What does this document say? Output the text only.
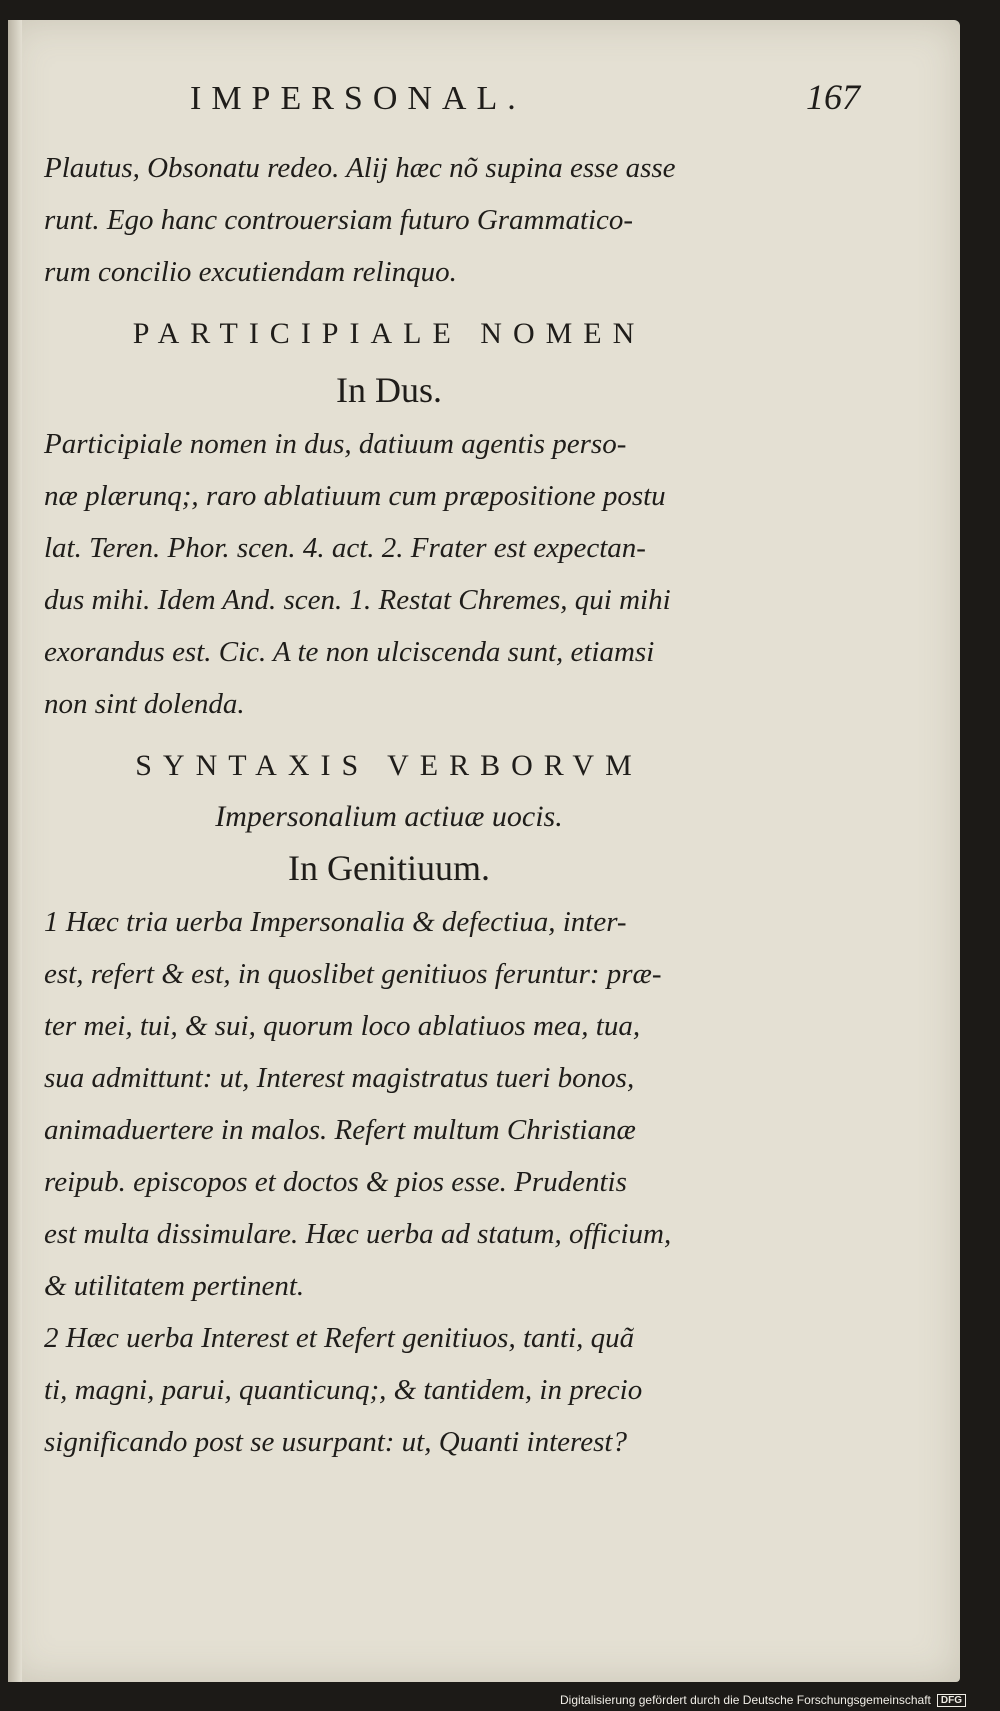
IMPERSONAL.	167
Plautus, Obsonatu redeo. Alij hæc nõ supina esse asse
runt. Ego hanc controuersiam futuro Grammatico-
rum concilio excutiendam relinquo.
PARTICIPIALE NOMEN
In Dus.
Participiale nomen in dus, datiuum agentis perso-
næ plærunq;, raro ablatiuum cum præpositione postu
lat. Teren. Phor. scen. 4. act. 2. Frater est expectan-
dus mihi. Idem And. scen. 1. Restat Chremes, qui mihi
exorandus est. Cic. A te non ulciscenda sunt, etiamsi
non sint dolenda.
SYNTAXIS VERBORVM
Impersonalium actiuæ uocis.
In Genitiuum.
1 Hæc tria uerba Impersonalia & defectiua, inter-
est, refert & est, in quoslibet genitiuos feruntur: præ-
ter mei, tui, & sui, quorum loco ablatiuos mea, tua,
sua admittunt: ut, Interest magistratus tueri bonos,
animaduertere in malos. Refert multum Christianæ
reipub. episcopos et doctos & pios esse. Prudentis
est multa dissimulare. Hæc uerba ad statum, officium,
& utilitatem pertinent.
2 Hæc uerba Interest et Refert genitiuos, tanti, quã
ti, magni, parui, quanticunq;, & tantidem, in precio
significando post se usurpant: ut, Quanti interest?
Digitalisierung gefördert durch die Deutsche Forschungsgemeinschaft	DFG
